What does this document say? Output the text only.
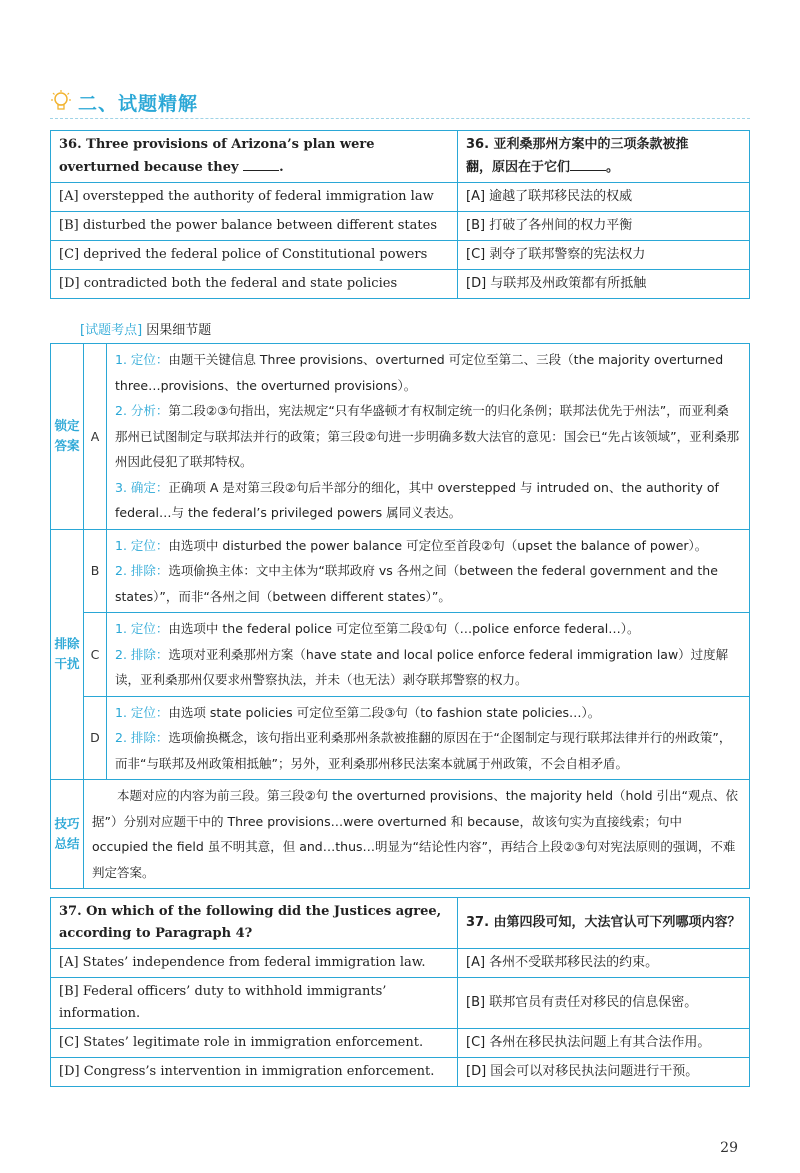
二、试题精解
36. Three provisions of Arizona’s plan were overturned because they .	36. 亚利桑那州方案中的三项条款被推
翻，原因在于它们 。
[A] overstepped the authority of federal immigration law	[A] 逾越了联邦移民法的权威
[B] disturbed the power balance between different states	[B] 打破了各州间的权力平衡
[C] deprived the federal police of Constitutional powers	[C] 剥夺了联邦警察的宪法权力
[D] contradicted both the federal and state policies	[D] 与联邦及州政策都有所抵触
[试题考点] 因果细节题
锁定答案	A	1. 定位：由题干关键信息 Three provisions、overturned 可定位至第二、三段（the majority overturned three…provisions、the overturned provisions）。
2. 分析：第二段②③句指出，宪法规定“只有华盛顿才有权制定统一的归化条例；联邦法优先于州法”，而亚利桑那州已试图制定与联邦法并行的政策；第三段②句进一步明确多数大法官的意见：国会已“先占该领域”，亚利桑那州因此侵犯了联邦特权。
3. 确定：正确项 A 是对第三段②句后半部分的细化，其中 overstepped 与 intruded on、the authority of federal…与 the federal’s privileged powers 属同义表达。
排除干扰	B	1. 定位：由选项中 disturbed the power balance 可定位至首段②句（upset the balance of power）。
2. 排除：选项偷换主体：文中主体为“联邦政府 vs 各州之间（between the federal government and the states）”，而非“各州之间（between different states）”。
	C	1. 定位：由选项中 the federal police 可定位至第二段①句（…police enforce federal…）。
2. 排除：选项对亚利桑那州方案（have state and local police enforce federal immigration law）过度解读，亚利桑那州仅要求州警察执法，并未（也无法）剥夺联邦警察的权力。
	D	1. 定位：由选项 state policies 可定位至第二段③句（to fashion state policies…）。
2. 排除：选项偷换概念，该句指出亚利桑那州条款被推翻的原因在于“企图制定与现行联邦法律并行的州政策”，而非“与联邦及州政策相抵触”；另外，亚利桑那州移民法案本就属于州政策，不会自相矛盾。
技巧总结	本题对应的内容为前三段。第三段②句 the overturned provisions、the majority held（hold 引出“观点、依据”）分别对应题干中的 Three provisions…were overturned 和 because，故该句实为直接线索；句中 occupied the field 虽不明其意，但 and…thus…明显为“结论性内容”，再结合上段②③句对宪法原则的强调，不难判定答案。	
37. On which of the following did the Justices agree, according to Paragraph 4?	37. 由第四段可知，大法官认可下列哪项内容？
[A] States’ independence from federal immigration law.	[A] 各州不受联邦移民法的约束。
[B] Federal officers’ duty to withhold immigrants’ information.	[B] 联邦官员有责任对移民的信息保密。
[C] States’ legitimate role in immigration enforcement.	[C] 各州在移民执法问题上有其合法作用。
[D] Congress’s intervention in immigration enforcement.	[D] 国会可以对移民执法问题进行干预。
29
